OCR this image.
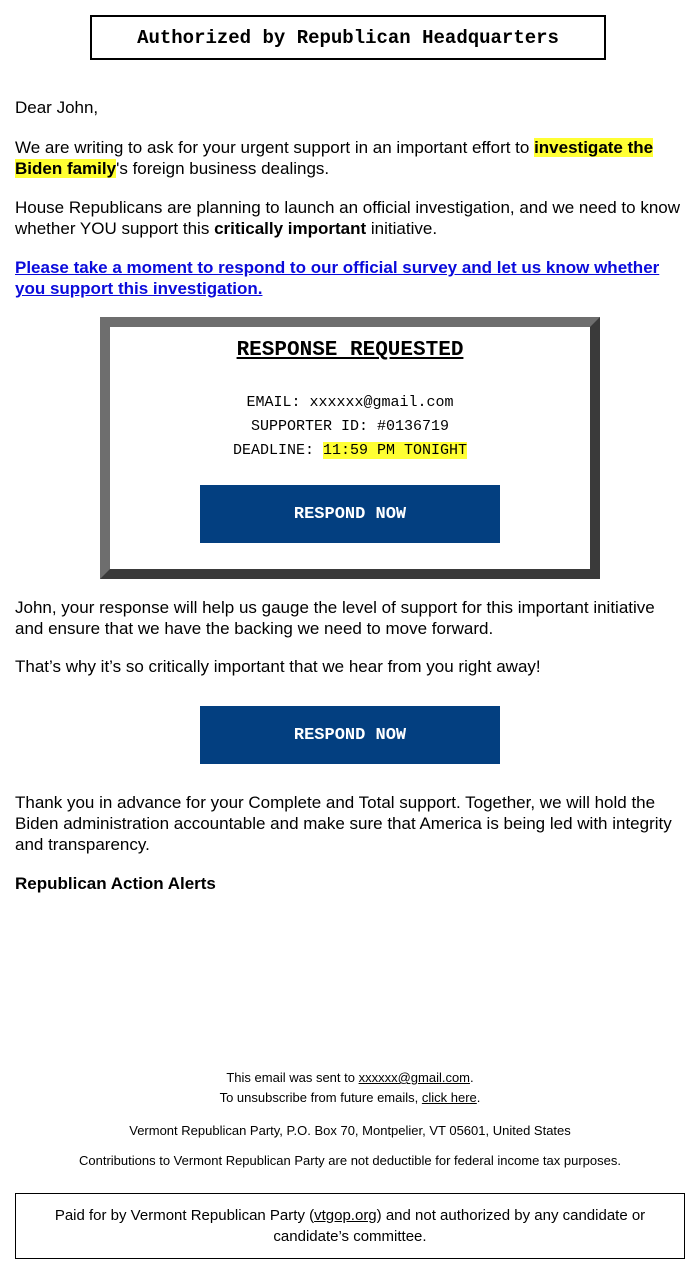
Authorized by Republican Headquarters

Dear John,

We are writing to ask for your urgent support in an important effort to investigate the Biden family's foreign business dealings.

House Republicans are planning to launch an official investigation, and we need to know whether YOU support this critically important initiative.

Please take a moment to respond to our official survey and let us know whether you support this investigation.

RESPONSE REQUESTED
EMAIL: xxxxxx@gmail.com
SUPPORTER ID: #0136719
DEADLINE: 11:59 PM TONIGHT
RESPOND NOW

John, your response will help us gauge the level of support for this important initiative and ensure that we have the backing we need to move forward.

That’s why it’s so critically important that we hear from you right away!

RESPOND NOW

Thank you in advance for your Complete and Total support. Together, we will hold the Biden administration accountable and make sure that America is being led with integrity and transparency.

Republican Action Alerts

This email was sent to xxxxxx@gmail.com.
To unsubscribe from future emails, click here.
Vermont Republican Party, P.O. Box 70, Montpelier, VT 05601, United States
Contributions to Vermont Republican Party are not deductible for federal income tax purposes.
Paid for by Vermont Republican Party (vtgop.org) and not authorized by any candidate or candidate’s committee.
